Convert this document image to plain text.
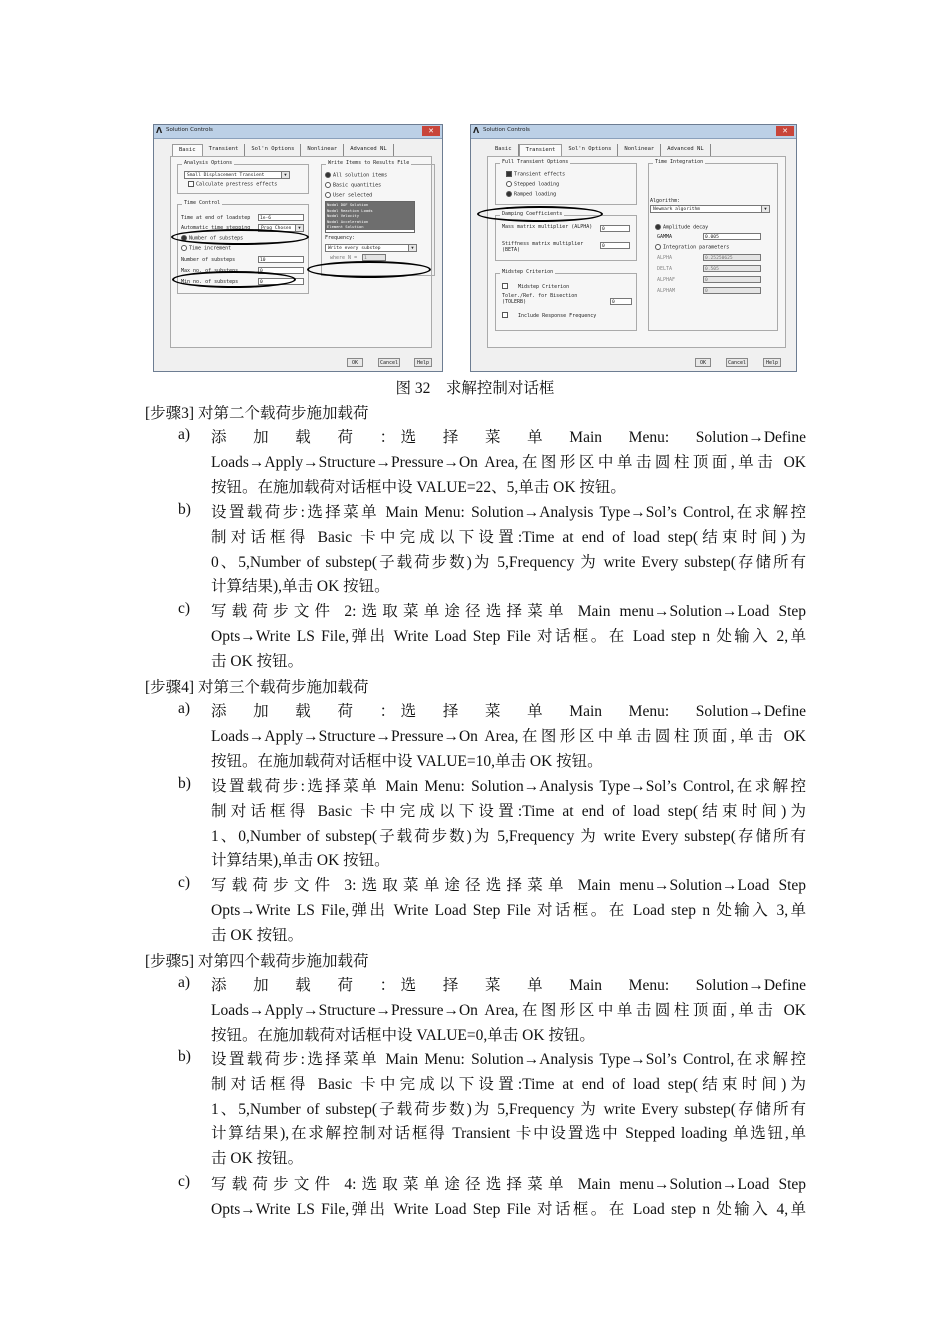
Λ Solution Controls	✕
Basic	Transient	Sol'n Options	Nonlinear	Advanced NL
Analysis Options
Small Displacement Transient	▼
Calculate prestress effects
Time Control
Time at end of loadstep	1e-6
Automatic time stepping	Prog Chosen	▼
Number of substeps
Time increment
Number of substeps	10
Max no. of substeps	0
Min no. of substeps	0
Write Items to Results File
All solution items
Basic quantities
User selected
Nodal DOF Solution
Nodal Reaction Loads
Nodal Velocity
Nodal Acceleration
Element Solution
Frequency:
Write every substep	▼
where N =	1
OK	Cancel	Help
Λ Solution Controls	✕
Basic	Transient	Sol'n Options	Nonlinear	Advanced NL
Full Transient Options
Transient effects
Stepped loading
Ramped loading
Damping Coefficients
Mass matrix multiplier (ALPHA)	0
Stiffness matrix multiplier (BETA)
0
Midstep Criterion
Midstep Criterion
Toler./Ref. for Bisection (TOLERB)	0
Include Response Frequency
Time Integration
Algorithm:
Newmark algorithm	▼
Amplitude decay
GAMMA	0.005
Integration parameters
ALPHA	0.25250625
DELTA	0.505
ALPHAF	0
ALPHAM	0
OK	Cancel	Help
图 32　求解控制对话框
[步骤3] 对第二个载荷步施加载荷
a) 添　加　载　荷　：选　择　菜　单　Main　Menu:　Solution→Define
Loads→Apply→Structure→Pressure→On Area,在图形区中单击圆柱顶面,单击 OK
按钮。在施加载荷对话框中设 VALUE=22、5,单击 OK 按钮。
b) 设置载荷步:选择菜单 Main Menu: Solution→Analysis Type→Sol’s Control,在求解控
制对话框得 Basic 卡中完成以下设置:Time at end of load step(结束时间)为
0、5,Number of substep(子载荷步数)为 5,Frequency 为 write Every substep(存储所有
计算结果),单击 OK 按钮。
c) 写载荷步文件 2:选取菜单途径选择菜单 Main menu→Solution→Load Step
Opts→Write LS File,弹出 Write Load Step File 对话框。在 Load step n 处输入 2,单
击 OK 按钮。
[步骤4] 对第三个载荷步施加载荷
a) 添　加　载　荷　：选　择　菜　单　Main　Menu:　Solution→Define
Loads→Apply→Structure→Pressure→On Area,在图形区中单击圆柱顶面,单击 OK
按钮。在施加载荷对话框中设 VALUE=10,单击 OK 按钮。
b) 设置载荷步:选择菜单 Main Menu: Solution→Analysis Type→Sol’s Control,在求解控
制对话框得 Basic 卡中完成以下设置:Time at end of load step(结束时间)为
1、0,Number of substep(子载荷步数)为 5,Frequency 为 write Every substep(存储所有
计算结果),单击 OK 按钮。
c) 写载荷步文件 3:选取菜单途径选择菜单 Main menu→Solution→Load Step
Opts→Write LS File,弹出 Write Load Step File 对话框。在 Load step n 处输入 3,单
击 OK 按钮。
[步骤5] 对第四个载荷步施加载荷
a) 添　加　载　荷　：选　择　菜　单　Main　Menu:　Solution→Define
Loads→Apply→Structure→Pressure→On Area,在图形区中单击圆柱顶面,单击 OK
按钮。在施加载荷对话框中设 VALUE=0,单击 OK 按钮。
b) 设置载荷步:选择菜单 Main Menu: Solution→Analysis Type→Sol’s Control,在求解控
制对话框得 Basic 卡中完成以下设置:Time at end of load step(结束时间)为
1、5,Number of substep(子载荷步数)为 5,Frequency 为 write Every substep(存储所有
计算结果),在求解控制对话框得 Transient 卡中设置选中 Stepped loading 单选钮,单
击 OK 按钮。
c) 写载荷步文件 4:选取菜单途径选择菜单 Main menu→Solution→Load Step
Opts→Write LS File,弹出 Write Load Step File 对话框。在 Load step n 处输入 4,单
